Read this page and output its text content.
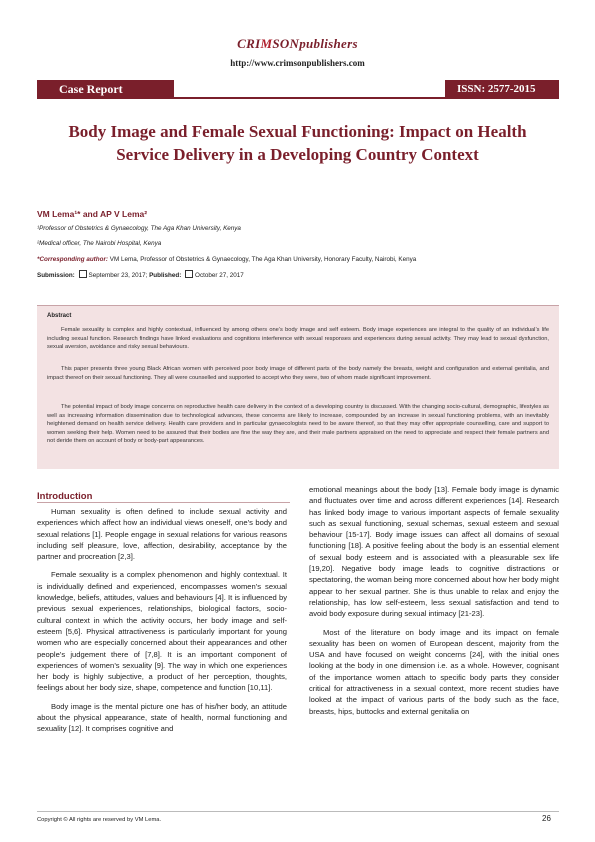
CRIMSONpublishers
http://www.crimsonpublishers.com
Case Report	ISSN: 2577-2015
Body Image and Female Sexual Functioning: Impact on Health Service Delivery in a Developing Country Context
VM Lema¹* and AP V Lema²
¹Professor of Obstetrics & Gynaecology, The Aga Khan University, Kenya
²Medical officer, The Nairobi Hospital, Kenya
*Corresponding author: VM Lema, Professor of Obstetrics & Gynaecology, The Aga Khan University, Honorary Faculty, Nairobi, Kenya
Submission: September 23, 2017; Published: October 27, 2017
Abstract

Female sexuality is complex and highly contextual, influenced by among others one’s body image and self esteem. Body image experiences are integral to the quality of an individual’s life including sexual function. Research findings have linked evaluations and cognitions interference with sexual responses and experiences during sexual activity. They may lead to sexual dysfunction, sexual aversion, avoidance and risky sexual behaviours.

This paper presents three young Black African women with perceived poor body image of different parts of the body namely the breasts, weight and configuration and external genitalia, and impact thereof on their sexual functioning. They all were counselled and supported to accept who they were, two of whom made significant improvement.

The potential impact of body image concerns on reproductive health care delivery in the context of a developing country is discussed. With the changing socio-cultural, demographic, lifestyles as well as increasing information dissemination due to technological advances, these concerns are likely to increase, compounded by an increase in sexual functioning problems, with an inevitably heightened demand on health service delivery. Health care providers and in particular gynaecologists need to be aware thereof, so that they may offer appropriate counselling, care and support to women seeking their help. Women need to be assured that their bodies are fine the way they are, and their male partners appraised on the need to appreciate and respect their female partners and not deride them on account of body or body-part appearances.

Introduction

Human sexuality is often defined to include sexual activity and experiences which affect how an individual views oneself, one’s body and sexual relations [1]. People engage in sexual relations for various reasons including self pleasure, love, affection, desirability, acceptance by the partner and procreation [2,3].

Female sexuality is a complex phenomenon and highly contextual. It is individually defined and experienced, encompasses women’s sexual knowledge, beliefs, attitudes, values and behaviours [4]. It is influenced by previous sexual experiences, relationships, biological factors, socio-cultural context in which the activity occurs, her body image and self-esteem [5,6]. Physical attractiveness is particularly important for young women who are especially concerned about their appearances and other people’s judgement there of [7,8]. It is an important component of experiences of women’s sexuality [9]. The way in which one experiences her body is highly subjective, a product of her perception, thoughts, feelings about her body size, shape, competence and function [10,11].

Body image is the mental picture one has of his/her body, an attitude about the physical appearance, state of health, normal functioning and sexuality [12]. It comprises cognitive and

emotional meanings about the body [13]. Female body image is dynamic and fluctuates over time and across different experiences [14]. Research has linked body image to various important aspects of female sexuality such as sexual functioning, sexual schemas, sexual esteem and sexual behaviour [15-17]. Body image issues can affect all domains of sexual functioning [18]. A positive feeling about the body is an essential element of sexual body esteem and is associated with a pleasurable sex life [19,20]. Negative body image leads to cognitive distractions or spectatoring, the woman being more concerned about how her body might appear to her sexual partner. She is thus unable to relax and enjoy the relationship, has low self-esteem, less sexual satisfaction and tend to avoid body exposure during sexual intimacy [21-23].

Most of the literature on body image and its impact on female sexuality has been on women of European descent, majority from the USA and have focused on weight concerns [24], with the initial ones looking at the body in one dimension i.e. as a whole. However, cognisant of the importance women attach to specific body parts they consider critical for attractiveness in a sexual context, more recent studies have looked at the impact of various parts of the body such as the face, breasts, hips, buttocks and external genitalia on

Copyright © All rights are reserved by VM Lema.	26
